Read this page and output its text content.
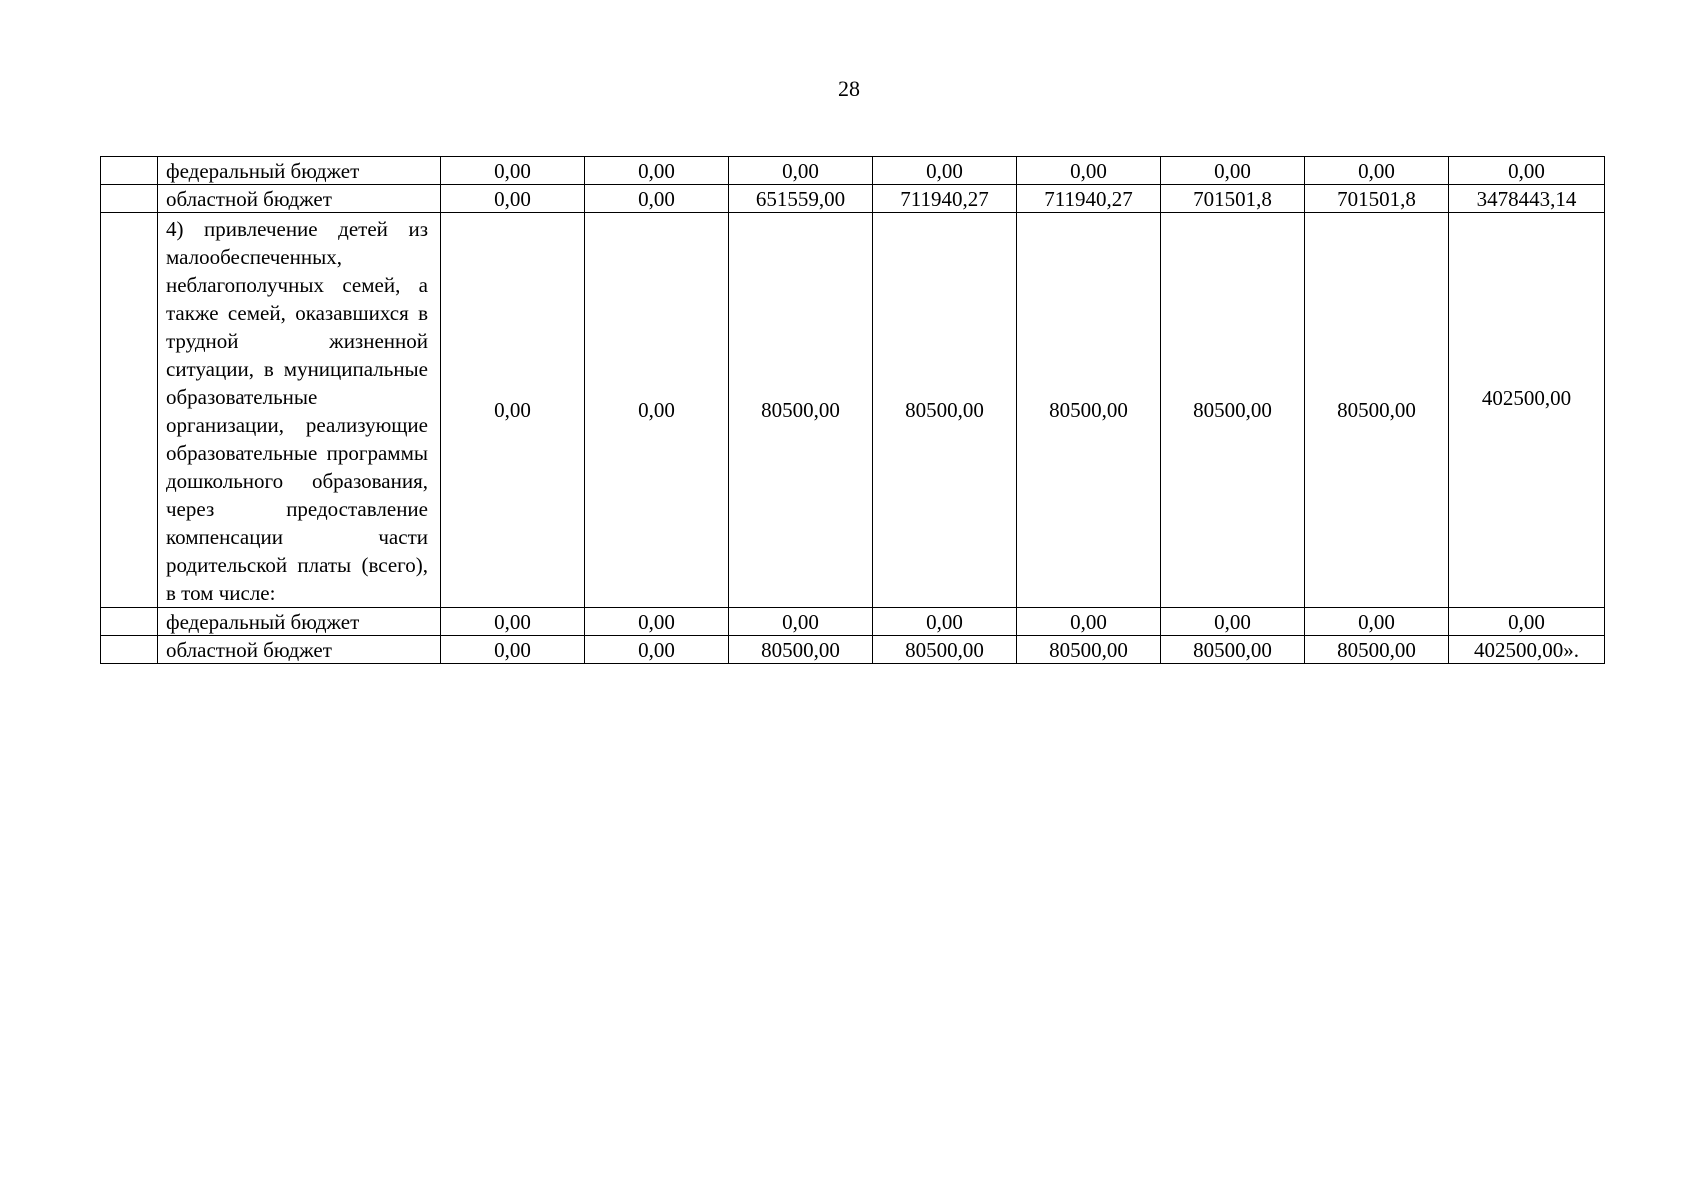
28
	федеральный бюджет	0,00	0,00	0,00	0,00	0,00	0,00	0,00	0,00
	областной бюджет	0,00	0,00	651559,00	711940,27	711940,27	701501,8	701501,8	3478443,14
	4) привлечение детей из малообеспеченных, неблагополучных семей, а также семей, оказавшихся в трудной жизненной ситуации, в муниципальные образовательные организации, реализующие образовательные программы дошкольного образования, через предоставление компенсации части родительской платы (всего), в том числе:	0,00	0,00	80500,00	80500,00	80500,00	80500,00	80500,00	402500,00
	федеральный бюджет	0,00	0,00	0,00	0,00	0,00	0,00	0,00	0,00
	областной бюджет	0,00	0,00	80500,00	80500,00	80500,00	80500,00	80500,00	402500,00».
